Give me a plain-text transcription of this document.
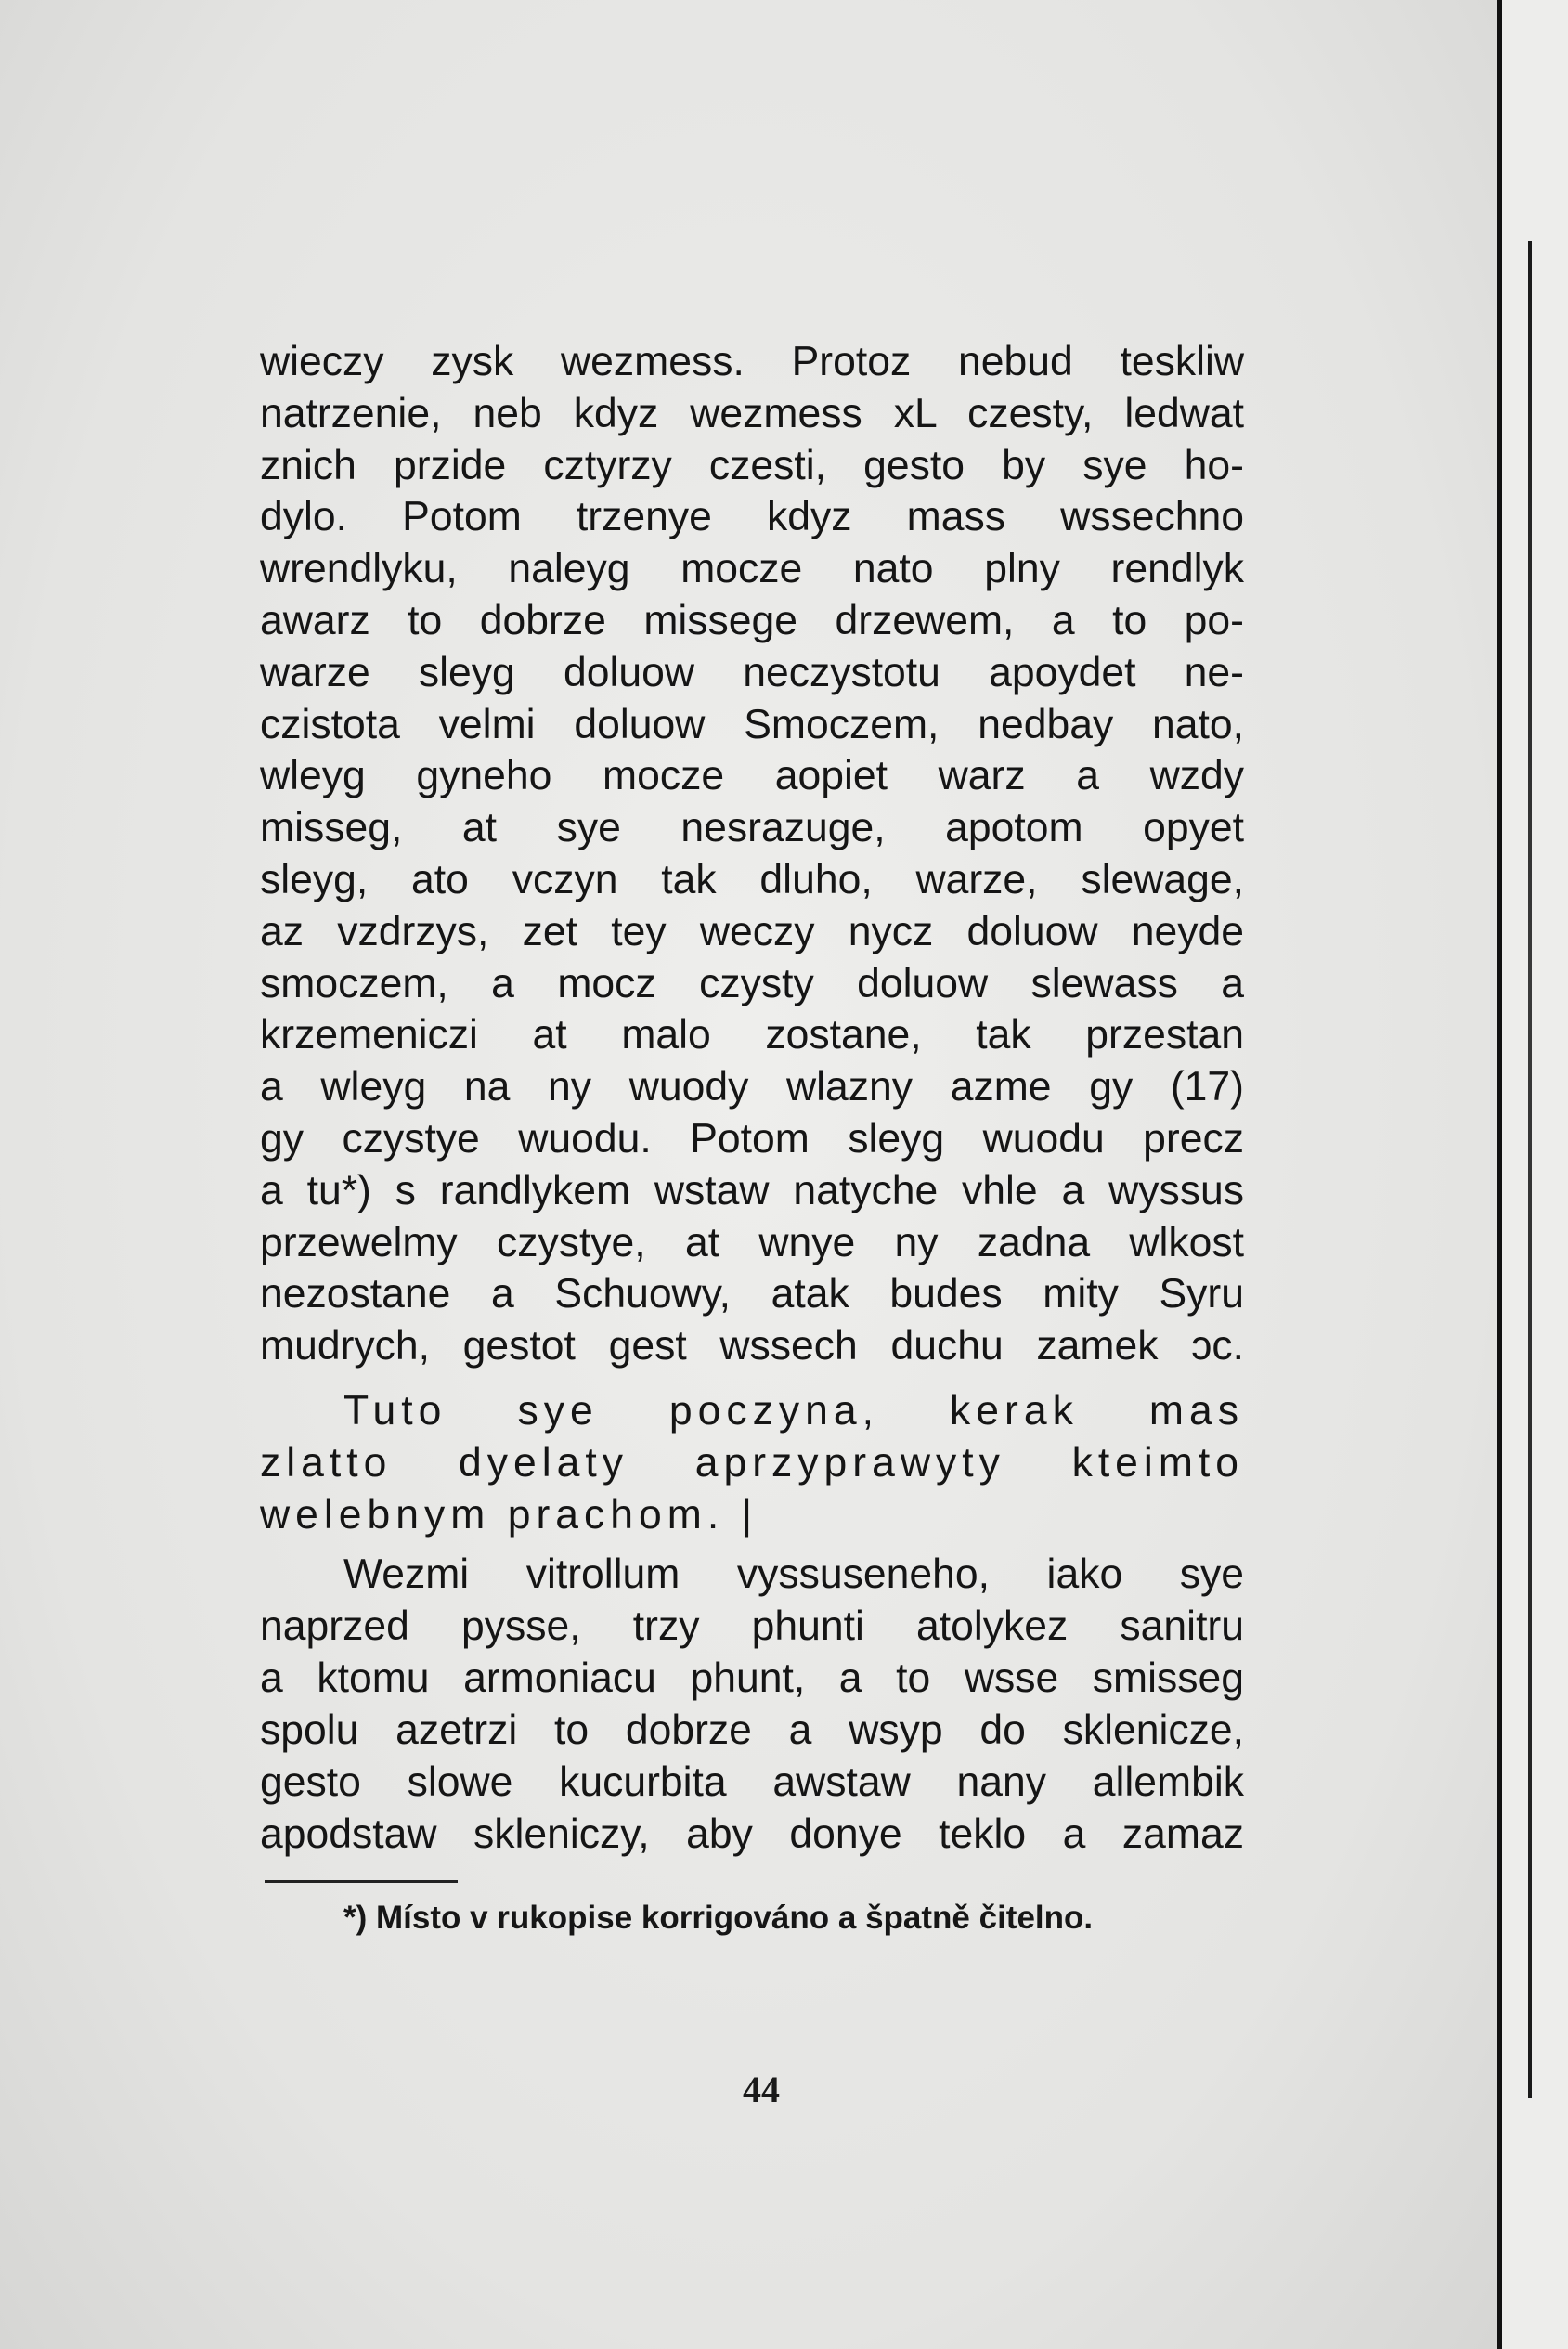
wieczy zysk wezmess. Protoz nebud teskliw
natrzenie, neb kdyz wezmess xL czesty, ledwat
znich przide cztyrzy czesti, gesto by sye ho-
dylo. Potom trzenye kdyz mass wssechno
wrendlyku, naleyg mocze nato plny rendlyk
awarz to dobrze missege drzewem, a to po-
warze sleyg doluow neczystotu apoydet ne-
czistota velmi doluow Smoczem, nedbay nato,
wleyg gyneho mocze aopiet warz a wzdy
misseg, at sye nesrazuge, apotom opyet
sleyg, ato vczyn tak dluho, warze, slewage,
az vzdrzys, zet tey weczy nycz doluow neyde
smoczem, a mocz czysty doluow slewass a
krzemeniczi at malo zostane, tak przestan
a wleyg na ny wuody wlazny azme gy (17)
gy czystye wuodu. Potom sleyg wuodu precz
a tu*) s randlykem wstaw natyche vhle a wyssus
przewelmy czystye, at wnye ny zadna wlkost
nezostane a Schuowy, atak budes mity Syru
mudrych, gestot gest wssech duchu zamek ɔc.
Tuto sye poczyna, kerak mas
zlatto dyelaty aprzyprawyty kteimto
welebnym prachom. |
Wezmi vitrollum vyssuseneho, iako sye
naprzed pysse, trzy phunti atolykez sanitru
a ktomu armoniacu phunt, a to wsse smisseg
spolu azetrzi to dobrze a wsyp do sklenicze,
gesto slowe kucurbita awstaw nany allembik
apodstaw skleniczy, aby donye teklo a zamaz
*) Místo v rukopise korrigováno a špatně čitelno.
44
